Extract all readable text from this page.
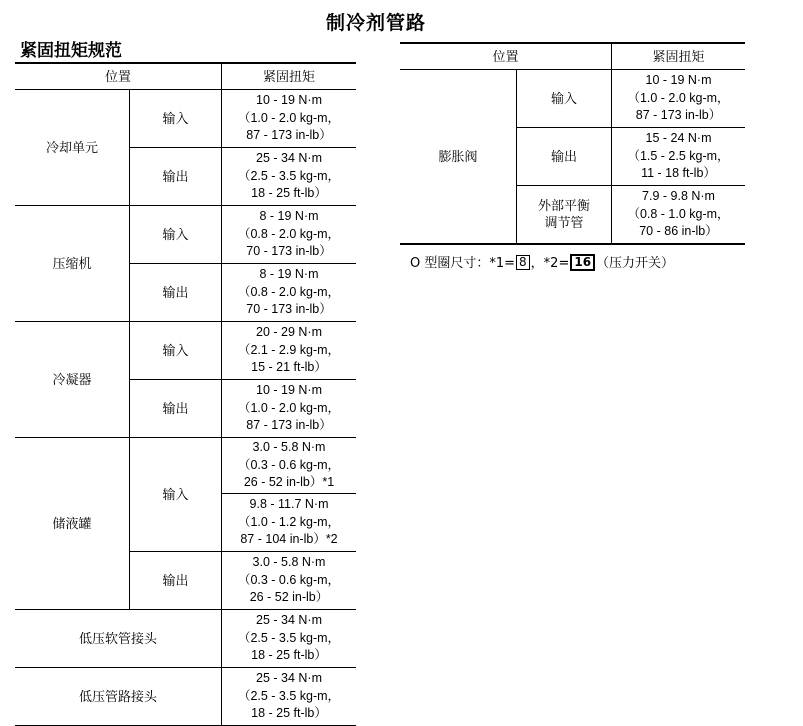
制冷剂管路
紧固扭矩规范
位置		紧固扭矩
冷却单元	输入	10 - 19 N·m
（1.0 - 2.0 kg-m，
87 - 173 in-lb）

	输出	25 - 34 N·m
（2.5 - 3.5 kg-m，
18 - 25 ft-lb）

压缩机	输入	8 - 19 N·m
（0.8 - 2.0 kg-m，
70 - 173 in-lb）

	输出	8 - 19 N·m
（0.8 - 2.0 kg-m，
70 - 173 in-lb）

冷凝器	输入	20 - 29 N·m
（2.1 - 2.9 kg-m，
15 - 21 ft-lb）

	输出	10 - 19 N·m
（1.0 - 2.0 kg-m，
87 - 173 in-lb）

储液罐	输入	3.0 - 5.8 N·m
（0.3 - 0.6 kg-m，
26 - 52 in-lb）*1

		9.8 - 11.7 N·m
（1.0 - 1.2 kg-m，
87 - 104 in-lb）*2

	输出	3.0 - 5.8 N·m
（0.3 - 0.6 kg-m，
26 - 52 in-lb）

低压软管接头		25 - 34 N·m
（2.5 - 3.5 kg-m，
18 - 25 ft-lb）

低压管路接头		25 - 34 N·m
（2.5 - 3.5 kg-m，
18 - 25 ft-lb）
位置		紧固扭矩
膨胀阀	输入	10 - 19 N·m
（1.0 - 2.0 kg-m，
87 - 173 in-lb）

	输出	15 - 24 N·m
（1.5 - 2.5 kg-m，
11 - 18 ft-lb）

	外部平衡
调节管	7.9 - 9.8 N·m
（0.8 - 1.0 kg-m，
70 - 86 in-lb）
O 型圈尺寸：*1= 8 ，*2= 16 （压力开关）
